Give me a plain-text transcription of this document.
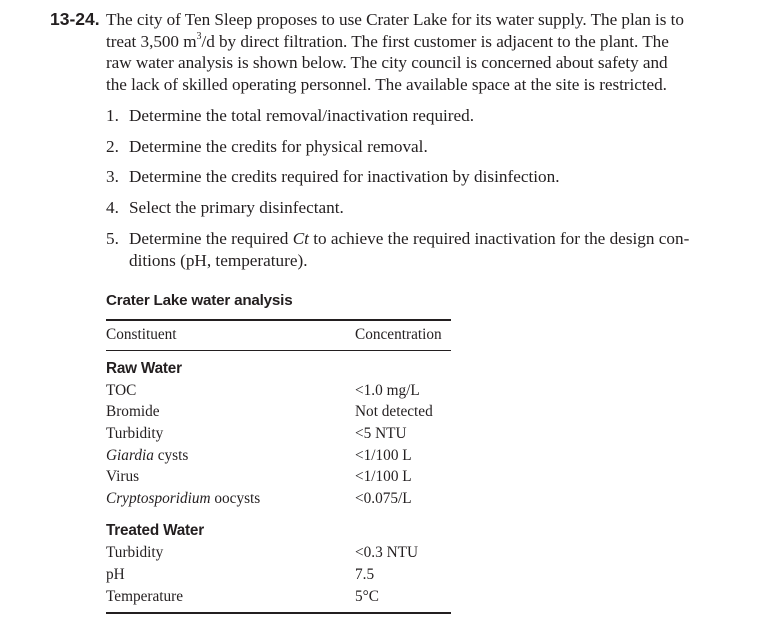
13-24. The city of Ten Sleep proposes to use Crater Lake for its water supply. The plan is to
treat 3,500 $m^3/d$ by direct filtration. The first customer is adjacent to the plant. The
raw water analysis is shown below. The city council is concerned about safety and
the lack of skilled operating personnel. The available space at the site is restricted.
1. Determine the total removal/inactivation required.
2. Determine the credits for physical removal.
3. Determine the credits required for inactivation by disinfection.
4. Select the primary disinfectant.
5. Determine the required Ct to achieve the required inactivation for the design con-
ditions (pH, temperature).
Crater Lake water analysis
Constituent	Concentration
Raw Water
TOC	<1.0 mg/L
Bromide	Not detected
Turbidity	<5 NTU
Giardia cysts	<1/100 L
Virus	<1/100 L
Cryptosporidium oocysts	<0.075/L
Treated Water
Turbidity	<0.3 NTU
pH	7.5
Temperature	5°C
